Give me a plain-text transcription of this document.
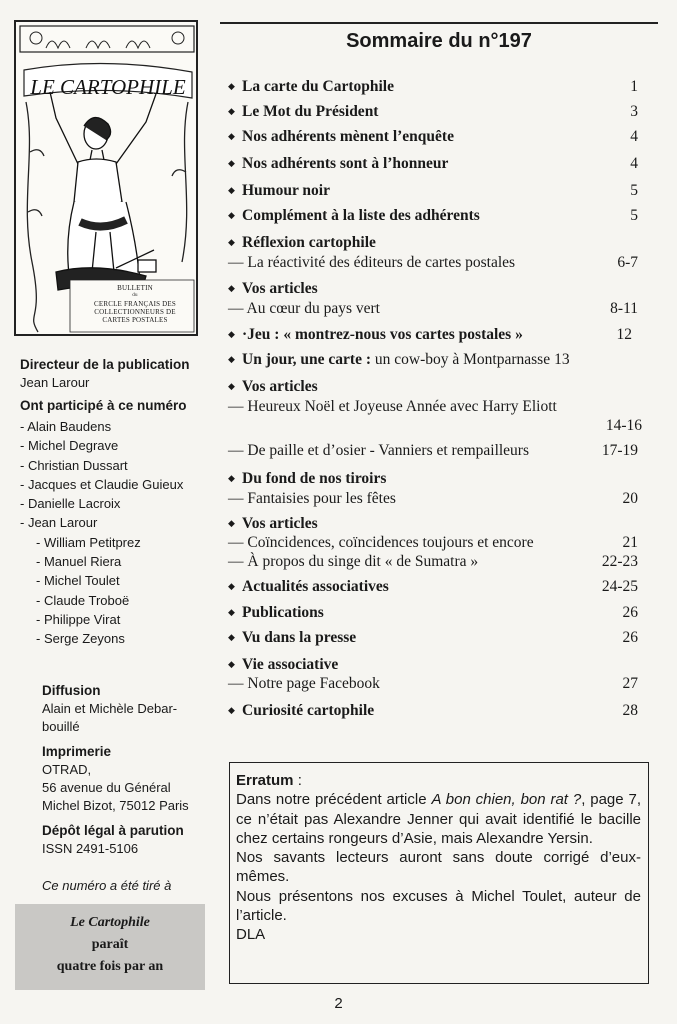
LE CARTOPHILE
BULLETIN
du
CERCLE FRANÇAIS DES
COLLECTIONNEURS DE
CARTES POSTALES
Directeur de la publication
Jean Larour
Ont participé à ce numéro
- Alain Baudens
- Michel Degrave
- Christian Dussart
- Jacques et Claudie Guieux
- Danielle Lacroix
- Jean Larour
- William Petitprez
- Manuel Riera
- Michel Toulet
- Claude Troboë
- Philippe Virat
- Serge Zeyons
Diffusion
Alain et Michèle Debar-
bouillé
Imprimerie
OTRAD,
56 avenue du Général
Michel Bizot, 75012 Paris
Dépôt légal à parution
ISSN 2491-5106
Ce numéro a été tiré à
Le Cartophile
paraît
quatre fois par an
Sommaire du n°197
◆ La carte du Cartophile	1
◆ Le Mot du Président	3
◆ Nos adhérents mènent l’enquête	4
◆ Nos adhérents sont à l’honneur	4
◆ Humour noir	5
◆ Complément à la liste des adhérents	5
◆ Réflexion cartophile
— La réactivité des éditeurs de cartes postales	6-7
◆ Vos articles
— Au cœur du pays vert	8-11
◆ ·Jeu : « montrez-nous vos cartes postales »	12
◆ Un jour, une carte : un cow-boy à Montparnasse 13
◆ Vos articles
— Heureux Noël et Joyeuse Année avec Harry Eliott
14-16
— De paille et d’osier - Vanniers et rempailleurs	17-19
◆ Du fond de nos tiroirs
— Fantaisies pour les fêtes	20
◆ Vos articles
— Coïncidences, coïncidences toujours et encore	21
— À propos du singe dit « de Sumatra »	22-23
◆ Actualités associatives	24-25
◆ Publications	26
◆ Vu dans la presse	26
◆ Vie associative
— Notre page Facebook	27
◆ Curiosité cartophile	28

Erratum :

Dans notre précédent article A bon chien, bon rat ?, page 7, ce n’était pas Alexandre Jenner qui avait identifié le bacille chez certains rongeurs d’Asie, mais Alexandre Yersin.

Nos savants lecteurs auront sans doute corrigé d’eux-mêmes.

Nous présentons nos excuses à Michel Toulet, auteur de l’article.

DLA

2
